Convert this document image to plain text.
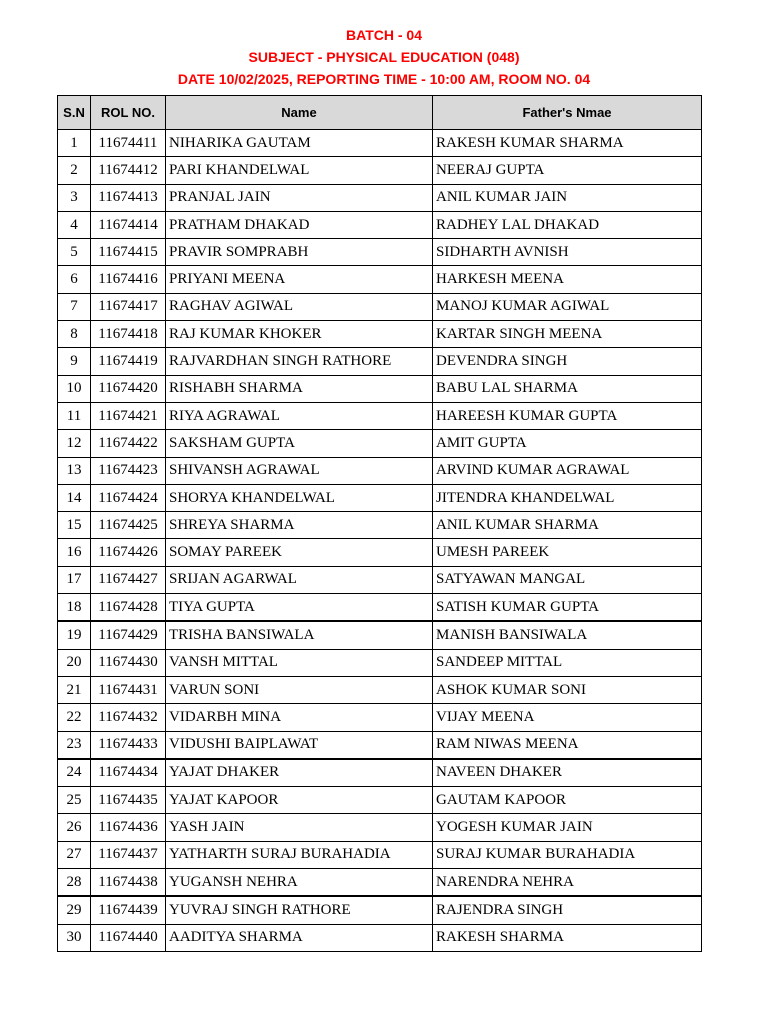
BATCH - 04
SUBJECT - PHYSICAL EDUCATION (048)
DATE 10/02/2025, REPORTING TIME - 10:00 AM, ROOM NO. 04
S.N	ROL NO.	Name	Father's Nmae
1	11674411	NIHARIKA GAUTAM	RAKESH KUMAR SHARMA
2	11674412	PARI KHANDELWAL	NEERAJ GUPTA
3	11674413	PRANJAL JAIN	ANIL KUMAR JAIN
4	11674414	PRATHAM DHAKAD	RADHEY LAL DHAKAD
5	11674415	PRAVIR SOMPRABH	SIDHARTH AVNISH
6	11674416	PRIYANI MEENA	HARKESH MEENA
7	11674417	RAGHAV AGIWAL	MANOJ KUMAR AGIWAL
8	11674418	RAJ KUMAR KHOKER	KARTAR SINGH MEENA
9	11674419	RAJVARDHAN SINGH RATHORE	DEVENDRA SINGH
10	11674420	RISHABH SHARMA	BABU LAL SHARMA
11	11674421	RIYA AGRAWAL	HAREESH KUMAR GUPTA
12	11674422	SAKSHAM GUPTA	AMIT GUPTA
13	11674423	SHIVANSH AGRAWAL	ARVIND KUMAR AGRAWAL
14	11674424	SHORYA KHANDELWAL	JITENDRA KHANDELWAL
15	11674425	SHREYA SHARMA	ANIL KUMAR SHARMA
16	11674426	SOMAY PAREEK	UMESH PAREEK
17	11674427	SRIJAN AGARWAL	SATYAWAN MANGAL
18	11674428	TIYA GUPTA	SATISH KUMAR GUPTA
19	11674429	TRISHA BANSIWALA	MANISH BANSIWALA
20	11674430	VANSH MITTAL	SANDEEP MITTAL
21	11674431	VARUN SONI	ASHOK KUMAR SONI
22	11674432	VIDARBH MINA	VIJAY MEENA
23	11674433	VIDUSHI BAIPLAWAT	RAM NIWAS MEENA
24	11674434	YAJAT DHAKER	NAVEEN DHAKER
25	11674435	YAJAT KAPOOR	GAUTAM KAPOOR
26	11674436	YASH JAIN	YOGESH KUMAR JAIN
27	11674437	YATHARTH SURAJ BURAHADIA	SURAJ KUMAR BURAHADIA
28	11674438	YUGANSH NEHRA	NARENDRA NEHRA
29	11674439	YUVRAJ SINGH RATHORE	RAJENDRA SINGH
30	11674440	AADITYA SHARMA	RAKESH SHARMA
